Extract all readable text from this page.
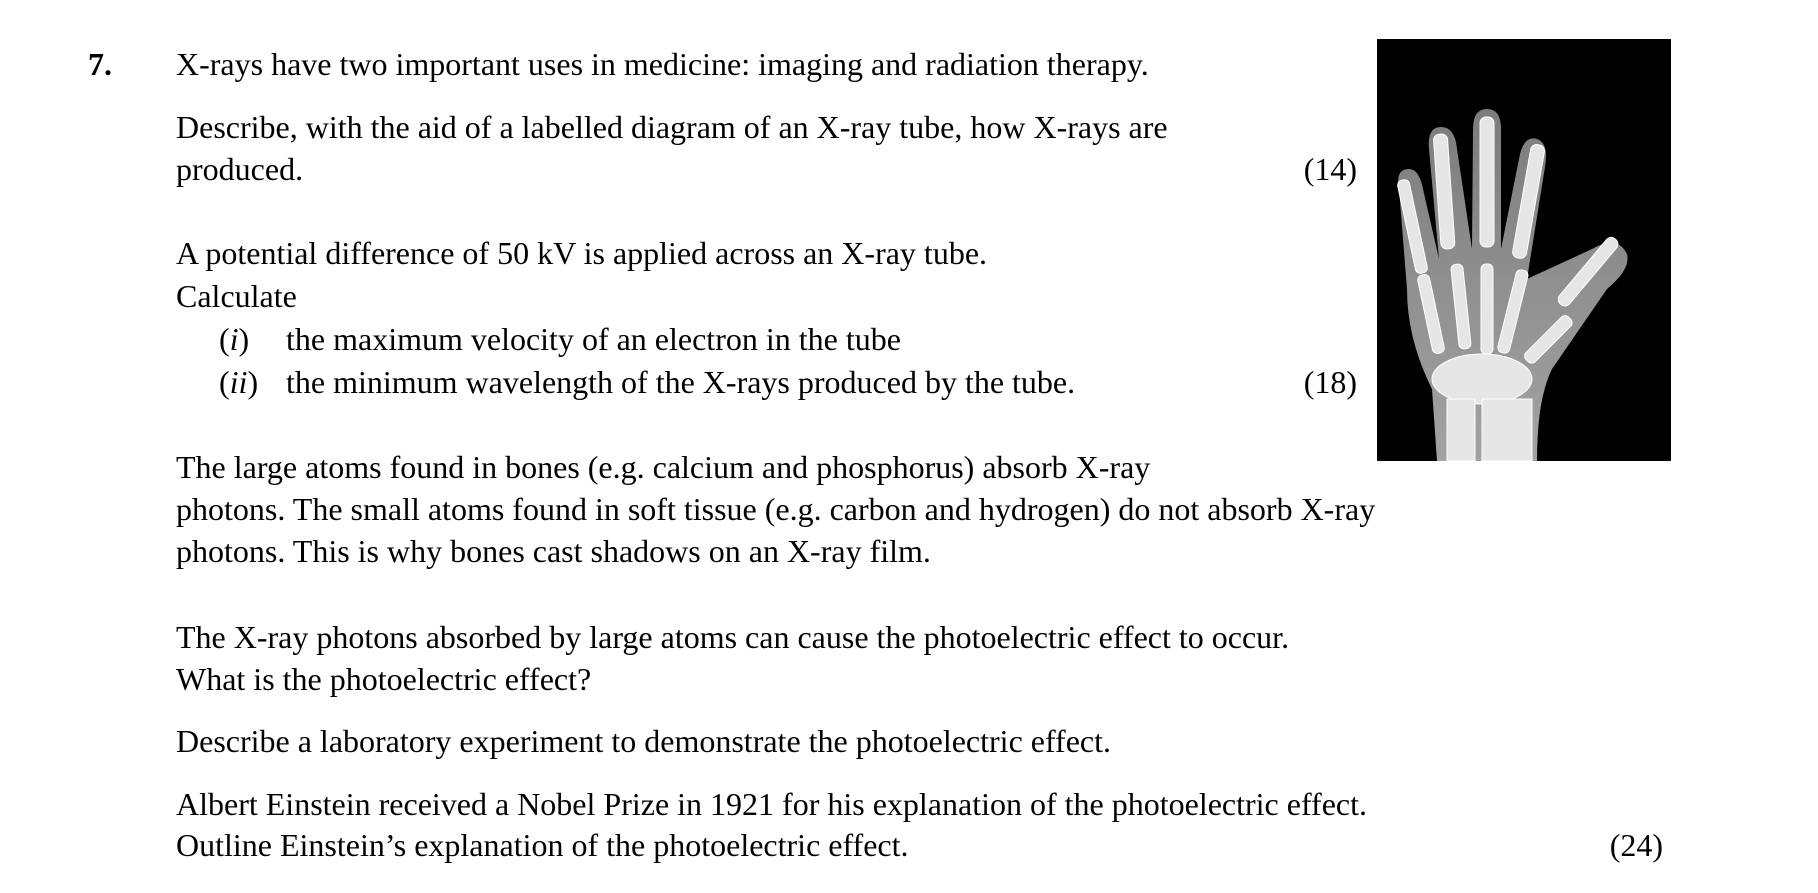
7. X-rays have two important uses in medicine: imaging and radiation therapy.
Describe, with the aid of a labelled diagram of an X-ray tube, how X-rays are
produced.	(14)
A potential difference of 50 kV is applied across an X-ray tube.
Calculate
(i) the maximum velocity of an electron in the tube
(ii) the minimum wavelength of the X-rays produced by the tube.	(18)
The large atoms found in bones (e.g. calcium and phosphorus) absorb X-ray
photons. The small atoms found in soft tissue (e.g. carbon and hydrogen) do not absorb X-ray
photons. This is why bones cast shadows on an X-ray film.
The X-ray photons absorbed by large atoms can cause the photoelectric effect to occur.
What is the photoelectric effect?
Describe a laboratory experiment to demonstrate the photoelectric effect.
Albert Einstein received a Nobel Prize in 1921 for his explanation of the photoelectric effect.
Outline Einstein’s explanation of the photoelectric effect.	(24)
